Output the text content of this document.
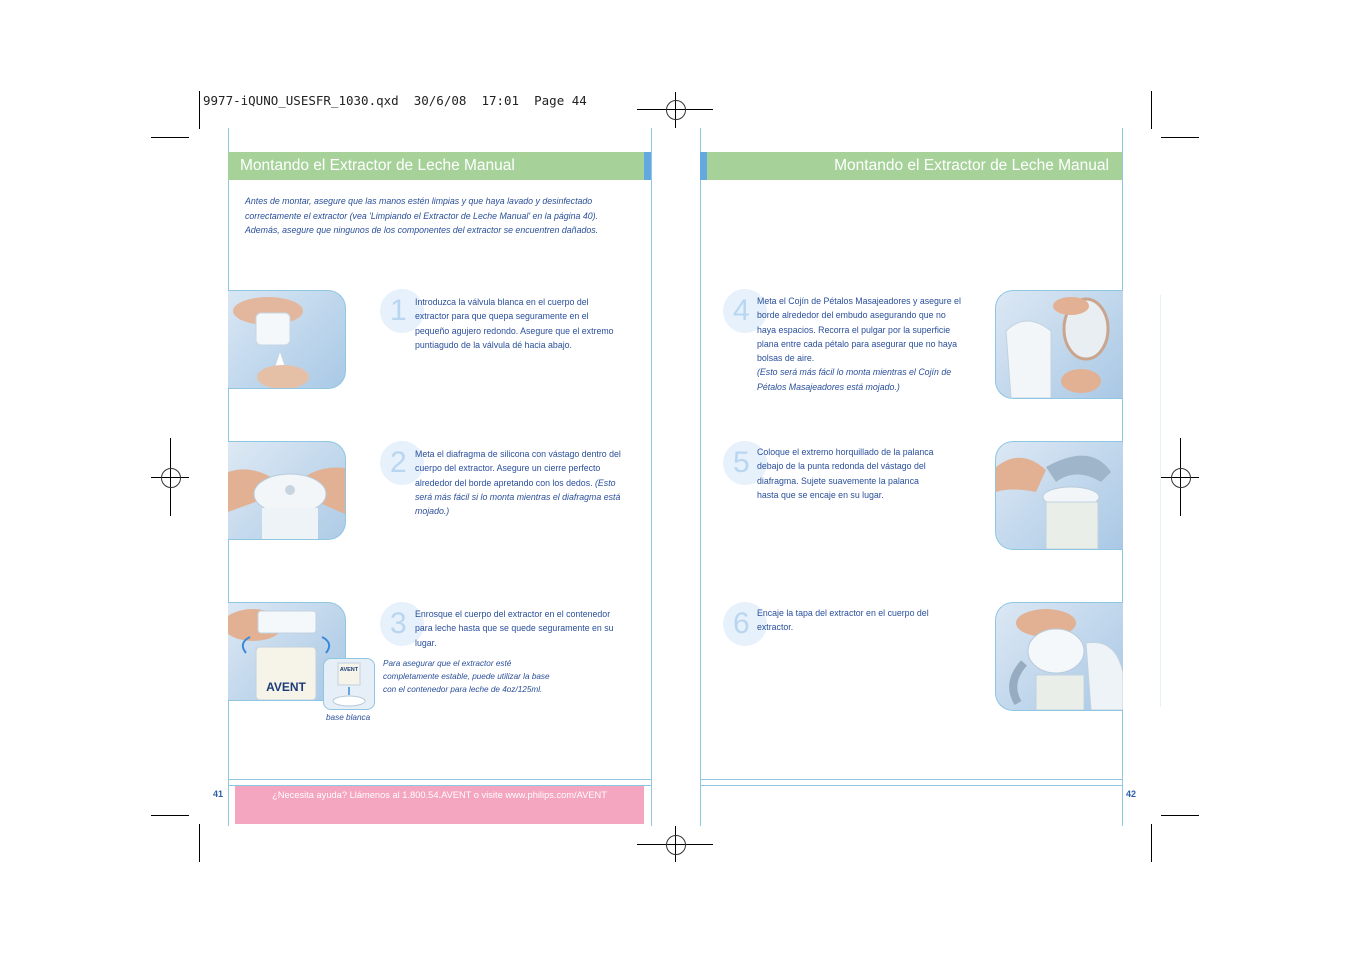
9977-iQUNO_USESFR_1030.qxd  30/6/08  17:01  Page 44
Montando el Extractor de Leche Manual
Antes de montar, asegure que las manos estén limpias y que haya lavado y desinfectado correctamente el extractor (vea 'Limpiando el Extractor de Leche Manual' en la página 40). Además, asegure que ningunos de los componentes del extractor se encuentren dañados.
1 Introduzca la válvula blanca en el cuerpo del extractor para que quepa seguramente en el pequeño agujero redondo. Asegure que el extremo puntiagudo de la válvula dé hacia abajo.
2 Meta el diafragma de silicona con vástago dentro del cuerpo del extractor. Asegure un cierre perfecto alrededor del borde apretando con los dedos. (Esto será más fácil si lo monta mientras el diafragma está mojado.)
AVENT
AVENT
base blanca
3 Enrosque el cuerpo del extractor en el contenedor para leche hasta que se quede seguramente en su lugar.
Para asegurar que el extractor esté completamente estable, puede utilizar la base con el contenedor para leche de 4oz/125ml.
¿Necesita ayuda? Llámenos al 1.800.54.AVENT o visite www.philips.com/AVENT
41
Montando el Extractor de Leche Manual
4 Meta el Cojín de Pétalos Masajeadores y asegure el borde alrededor del embudo asegurando que no haya espacios. Recorra el pulgar por la superficie plana entre cada pétalo para asegurar que no haya bolsas de aire.
(Esto será más fácil lo monta mientras el Cojín de Pétalos Masajeadores está mojado.)
5 Coloque el extremo horquillado de la palanca debajo de la punta redonda del vástago del diafragma. Sujete suavemente la palanca hasta que se encaje en su lugar.
6 Encaje la tapa del extractor en el cuerpo del extractor.
42
